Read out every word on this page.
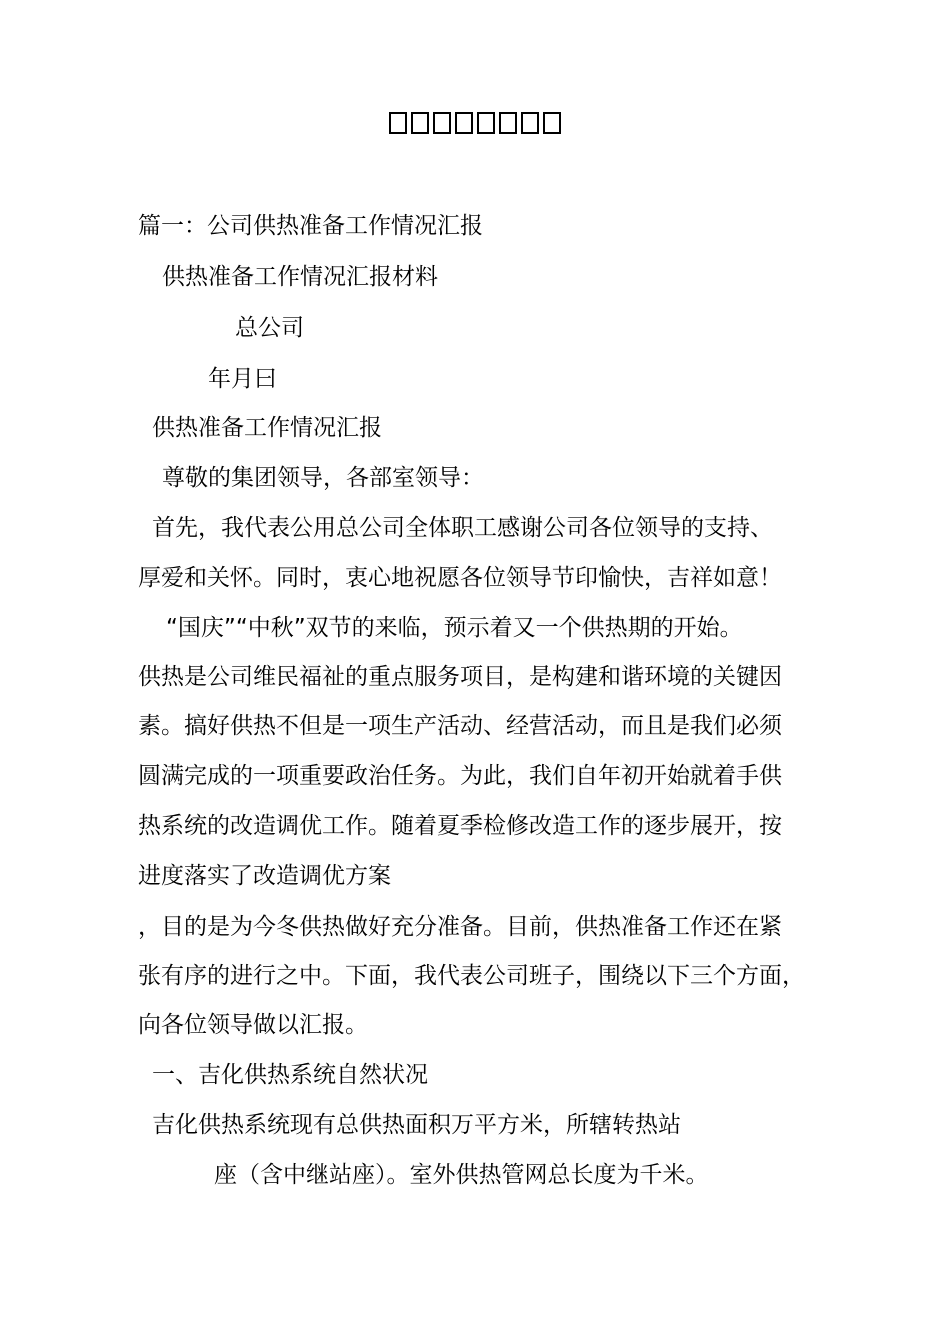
篇一：公司供热准备工作情况汇报
供热准备工作情况汇报材料
总公司
年月曰
供热准备工作情况汇报
尊敬的集团领导，各部室领导：
首先，我代表公用总公司全体职工感谢公司各位领导的支持、
厚爱和关怀。同时，衷心地祝愿各位领导节印愉快，吉祥如意！
“国庆”“中秋”双节的来临，预示着又一个供热期的开始。
供热是公司维民福祉的重点服务项目，是构建和谐环境的关键因
素。搞好供热不但是一项生产活动、经营活动，而且是我们必须
圆满完成的一项重要政治任务。为此，我们自年初开始就着手供
热系统的改造调优工作。随着夏季检修改造工作的逐步展开，按
进度落实了改造调优方案
，目的是为今冬供热做好充分准备。目前，供热准备工作还在紧
张有序的进行之中。下面，我代表公司班子，围绕以下三个方面，
向各位领导做以汇报。
一、吉化供热系统自然状况
吉化供热系统现有总供热面积万平方米，所辖转热站
座（含中继站座）。室外供热管网总长度为千米。
